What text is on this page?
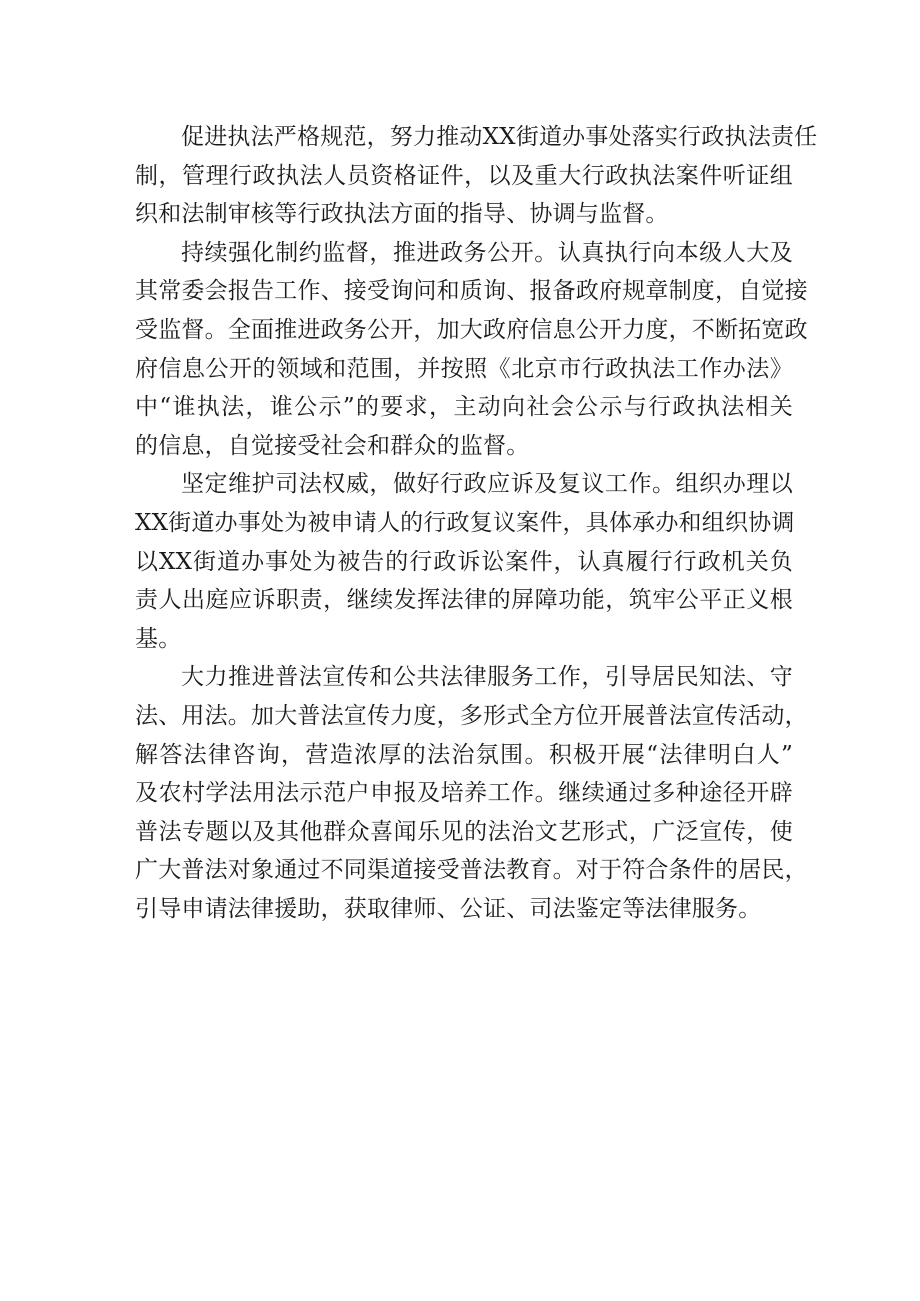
促进执法严格规范，努力推动XX街道办事处落实行政执法责任
制，管理行政执法人员资格证件，以及重大行政执法案件听证组
织和法制审核等行政执法方面的指导、协调与监督。

持续强化制约监督，推进政务公开。认真执行向本级人大及
其常委会报告工作、接受询问和质询、报备政府规章制度，自觉接
受监督。全面推进政务公开，加大政府信息公开力度，不断拓宽政
府信息公开的领域和范围，并按照《北京市行政执法工作办法》
中“谁执法，谁公示”的要求，主动向社会公示与行政执法相关
的信息，自觉接受社会和群众的监督。

坚定维护司法权威，做好行政应诉及复议工作。组织办理以
XX街道办事处为被申请人的行政复议案件，具体承办和组织协调
以XX街道办事处为被告的行政诉讼案件，认真履行行政机关负
责人出庭应诉职责，继续发挥法律的屏障功能，筑牢公平正义根
基。

大力推进普法宣传和公共法律服务工作，引导居民知法、守
法、用法。加大普法宣传力度，多形式全方位开展普法宣传活动，
解答法律咨询，营造浓厚的法治氛围。积极开展“法律明白人”
及农村学法用法示范户申报及培养工作。继续通过多种途径开辟
普法专题以及其他群众喜闻乐见的法治文艺形式，广泛宣传，使
广大普法对象通过不同渠道接受普法教育。对于符合条件的居民，
引导申请法律援助，获取律师、公证、司法鉴定等法律服务。
